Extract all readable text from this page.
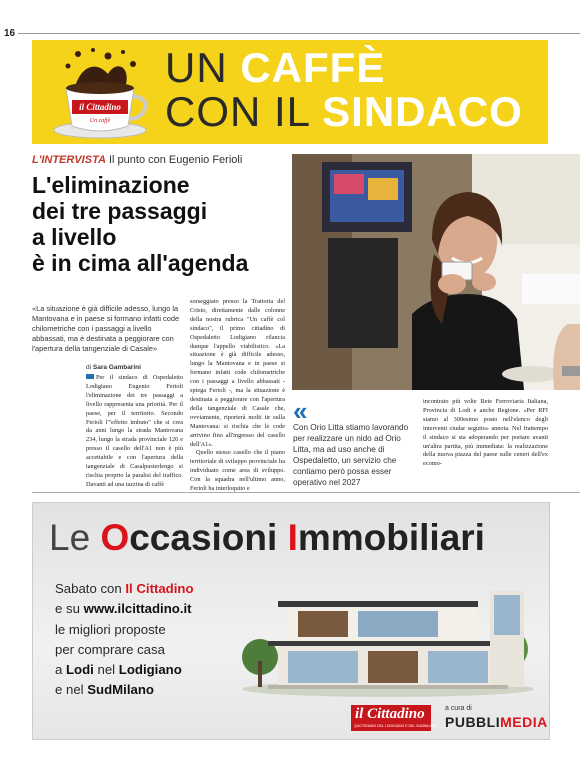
16
il Cittadino
Un caffè
UN CAFFÈ
CON IL SINDACO
L'INTERVISTA Il punto con Eugenio Ferioli
L'eliminazione
dei tre passaggi
a livello
è in cima all'agenda
«La situazione è già difficile adesso, lungo la Mantovana e in paese si formano infatti code chilometriche con i passaggi a livello abbassati, ma è destinata a peggiorare con l'apertura della tangenziale di Casale»
di Sara Gambarini

Per il sindaco di Ospedaletto Lodigiano Eugenio Ferioli l'eliminazione dei tre passaggi a livello rappresenta una priorità. Per il paese, per il territorio. Secondo Ferioli l'"effetto imbuto" che si crea da anni lungo la strada Mantovana 234, lungo la strada provinciale 126 e presso il casello dell'A1 non è più accettabile e con l'apertura della tangenziale di Casalpusterlengo si rischia proprio la paralisi del traffico. Davanti ad una tazzina di caffè

sorseggiato presso la Trattoria del Cristo, direttamente dalle colonne della nostra rubrica "Un caffè col sindaco", il primo cittadino di Ospedaletto Lodigiano rilancia dunque l'appello viabilistico. «La situazione è già difficile adesso, lungo la Mantovana e in paese si formano infatti code chilometriche con i passaggi a livello abbassati - spiega Ferioli -, ma la situazione è destinata a peggiorare con l'apertura della tangenziale di Casale che, ovviamente, riporterà molti tir sulla Mantovana: si rischia che le code arrivino fino all'ingresso del casello dell'A1».

Quello stesso casello che il piano territoriale di sviluppo provinciale ha individuato come area di sviluppo. Con la squadra nell'ultimo anno, Ferioli ha interloquito e

«
Con Orio Litta stiamo lavorando per realizzare un nido ad Orio Litta, ma ad uso anche di Ospedaletto, un servizio che contiamo però possa esser operativo nel 2027

incontrato più volte Rete Ferroviaria Italiana, Provincia di Lodi e anche Regione. «Per RFI siamo al 300esimo posto nell'elenco degli interventi ciudar seguito» annota. Nel frattempo il sindaco si sta adoperando per portare avanti un'altra partita, più immediata: la realizzazione della nuova piazza del paese sulle ceneri dell'ex ecomo-

Le Occasioni Immobiliari
Sabato con Il Cittadino
e su www.ilcittadino.it
le migliori proposte
per comprare casa
a Lodi nel Lodigiano
e nel SudMilano
il Cittadino
QUOTIDIANO DEL LODIGIANO E DEL SUDMILANO
a cura di
PUBBLIMEDIA
